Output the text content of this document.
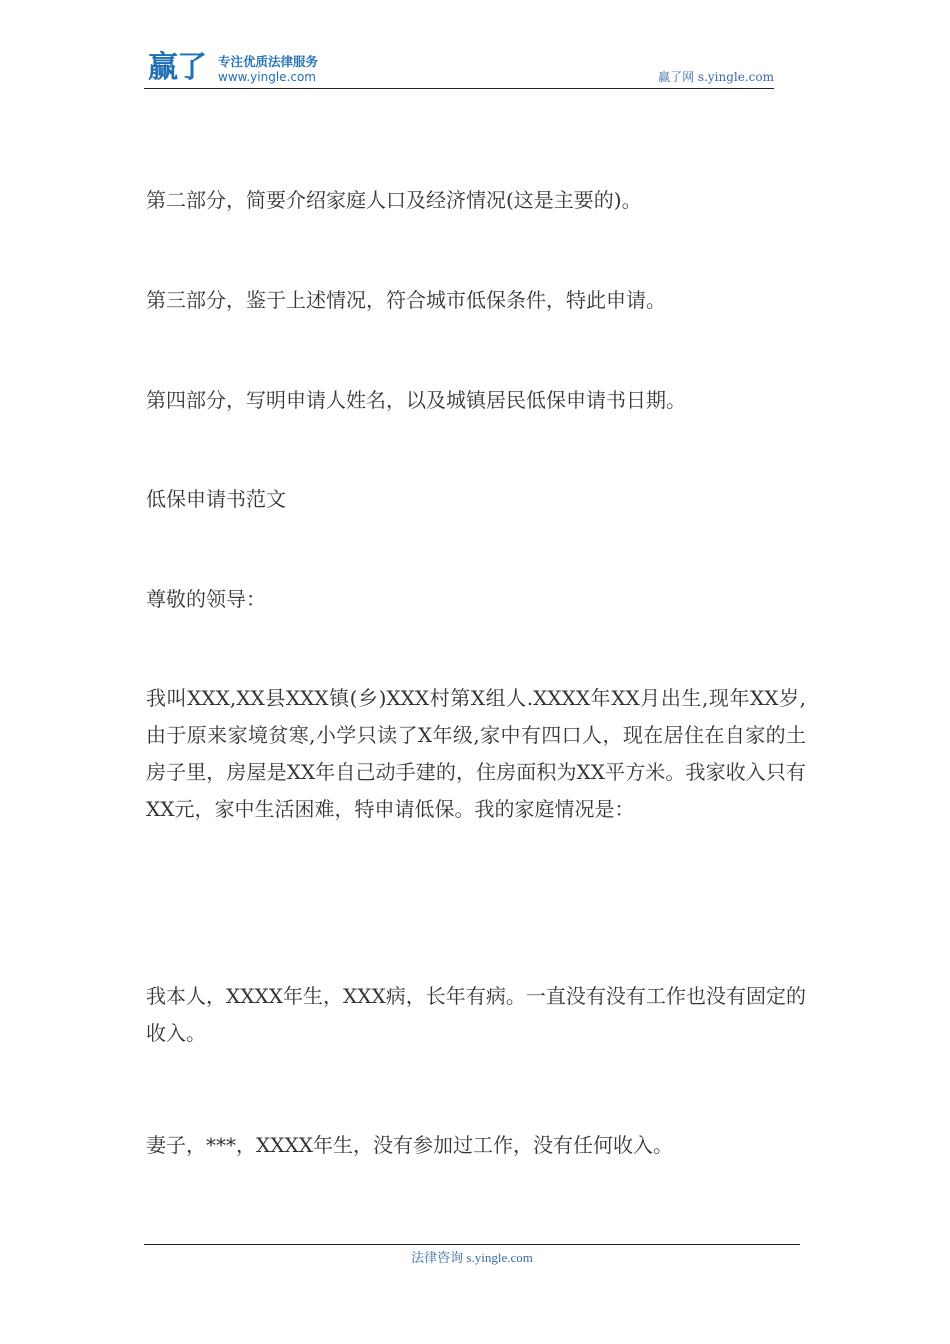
赢了 专注优质法律服务
www.yingle.com	赢了网 s.yingle.com

第二部分，简要介绍家庭人口及经济情况(这是主要的)。

第三部分，鉴于上述情况，符合城市低保条件，特此申请。

第四部分，写明申请人姓名，以及城镇居民低保申请书日期。

低保申请书范文

尊敬的领导：

我叫XXX,XX县XXX镇(乡)XXX村第X组人.XXXX年XX月出生,现年XX岁,由于原来家境贫寒,小学只读了X年级,家中有四口人，现在居住在自家的土房子里，房屋是XX年自己动手建的，住房面积为XX平方米。我家收入只有XX元，家中生活困难，特申请低保。我的家庭情况是：

我本人，XXXX年生，XXX病，长年有病。一直没有没有工作也没有固定的收入。

妻子，***，XXXX年生，没有参加过工作，没有任何收入。

法律咨询 s.yingle.com
